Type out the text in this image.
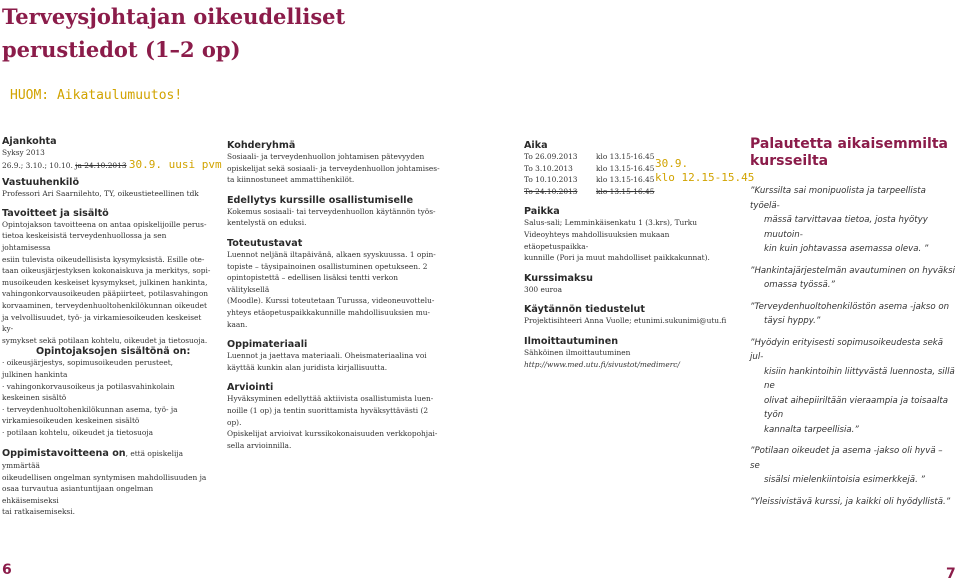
Terveysjohtajan oikeudelliset perustiedot (1–2 op)
HUOM: Aikataulumuutos!

Ajankohta

Syksy 2013

26.9.; 3.10.; 10.10. ja 24.10.2013 30.9. uusi pvm

Vastuuhenkilö

Professori Ari Saarnilehto, TY, oikeustieteellinen tdk

Tavoitteet ja sisältö

Opintojakson tavoitteena on antaa opiskelijoille perus-

tietoa keskeisistä terveydenhuollossa ja sen johtamisessa

esiin tulevista oikeudellisista kysymyksistä. Esille ote-

taan oikeusjärjestyksen kokonaiskuva ja merkitys, sopi-

musoikeuden keskeiset kysymykset, julkinen hankinta,

vahingonkorvausoikeuden pääpiirteet, potilasvahingon

korvaaminen, terveydenhuoltohenkilökunnan oikeudet

ja velvollisuudet, työ- ja virkamiesoikeuden keskeiset ky-

symykset sekä potilaan kohtelu, oikeudet ja tietosuoja.

Opintojaksojen sisältönä on:

· oikeusjärjestys, sopimusoikeuden perusteet,

julkinen hankinta

· vahingonkorvausoikeus ja potilasvahinkolain

keskeinen sisältö

· terveydenhuoltohenkilökunnan asema, työ- ja

virkamiesoikeuden keskeinen sisältö

· potilaan kohtelu, oikeudet ja tietosuoja

Oppimistavoitteena on, että opiskelija ymmärtää

oikeudellisen ongelman syntymisen mahdollisuuden ja

osaa turvautua asiantuntijaan ongelman ehkäisemiseksi

tai ratkaisemiseksi.

Kohderyhmä

Sosiaali- ja terveydenhuollon johtamisen pätevyyden

opiskelijat sekä sosiaali- ja terveydenhuollon johtamises-

ta kiinnostuneet ammattihenkilöt.

Edellytys kurssille osallistumiselle

Kokemus sosiaali- tai terveydenhuollon käytännön työs-

kentelystä on eduksi.

Toteutustavat

Luennot neljänä iltapäivänä, alkaen syyskuussa. 1 opin-

topiste – täysipainoinen osallistuminen opetukseen. 2

opintopistettä – edellisen lisäksi tentti verkon välityksellä

(Moodle). Kurssi toteutetaan Turussa, videoneuvottelu-

yhteys etäopetuspaikkakunnille mahdollisuuksien mu-

kaan.

Oppimateriaali

Luennot ja jaettava materiaali. Oheismateriaalina voi

käyttää kunkin alan juridista kirjallisuutta.

Arviointi

Hyväksyminen edellyttää aktiivista osallistumista luen-

noille (1 op) ja tentin suorittamista hyväksyttävästi (2 op).

Opiskelijat arvioivat kurssikokonaisuuden verkkopohjai-

sella arvioinnilla.

Aika

To 26.09.2013	klo 13.15-16.45
To 3.10.2013	klo 13.15-16.45
To 10.10.2013	klo 13.15-16.45
To 24.10.2013	klo 13.15-16.45

Paikka

Salus-sali; Lemminkäisenkatu 1 (3.krs), Turku

Videoyhteys mahdollisuuksien mukaan etäopetuspaikka-

kunnille (Pori ja muut mahdolliset paikkakunnat).

Kurssimaksu

300 euroa

Käytännön tiedustelut

Projektisihteeri Anna Vuolle; etunimi.sukunimi@utu.fi

Ilmoittautuminen

Sähköinen ilmoittautuminen

http://www.med.utu.fi/sivustot/medimerc/

30.9.
klo 12.15-15.45

Palautetta aikaisemmilta

kursseilta

”Kurssilta sai monipuolista ja tarpeellista työelä-
mässä tarvittavaa tietoa, josta hyötyy muutoin-
kin kuin johtavassa asemassa oleva. ”
”Hankintajärjestelmän avautuminen on hyväksi
omassa työssä.”
”Terveydenhuoltohenkilöstön asema -jakso on
täysi hyppy.”
”Hyödyin erityisesti sopimusoikeudesta sekä jul-
kisiin hankintoihin liittyvästä luennosta, sillä ne
olivat aihepiiriltään vieraampia ja toisaalta työn
kannalta tarpeellisia.”
”Potilaan oikeudet ja asema -jakso oli hyvä – se
sisälsi mielenkiintoisia esimerkkejä. ”
”Yleissivistävä kurssi, ja kaikki oli hyödyllistä.”
6	7
